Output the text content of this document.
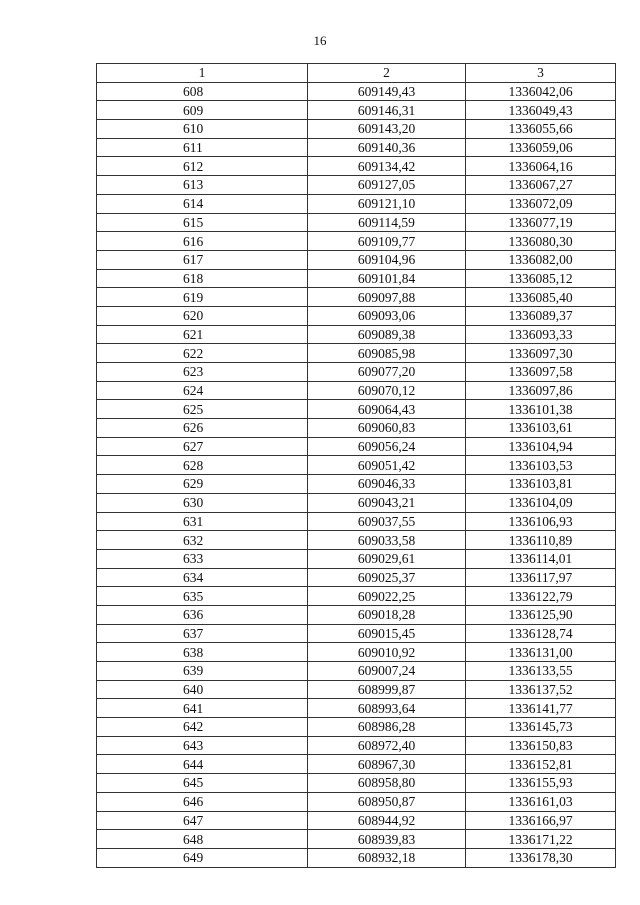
16
1	2	3
608	609149,43	1336042,06
609	609146,31	1336049,43
610	609143,20	1336055,66
611	609140,36	1336059,06
612	609134,42	1336064,16
613	609127,05	1336067,27
614	609121,10	1336072,09
615	609114,59	1336077,19
616	609109,77	1336080,30
617	609104,96	1336082,00
618	609101,84	1336085,12
619	609097,88	1336085,40
620	609093,06	1336089,37
621	609089,38	1336093,33
622	609085,98	1336097,30
623	609077,20	1336097,58
624	609070,12	1336097,86
625	609064,43	1336101,38
626	609060,83	1336103,61
627	609056,24	1336104,94
628	609051,42	1336103,53
629	609046,33	1336103,81
630	609043,21	1336104,09
631	609037,55	1336106,93
632	609033,58	1336110,89
633	609029,61	1336114,01
634	609025,37	1336117,97
635	609022,25	1336122,79
636	609018,28	1336125,90
637	609015,45	1336128,74
638	609010,92	1336131,00
639	609007,24	1336133,55
640	608999,87	1336137,52
641	608993,64	1336141,77
642	608986,28	1336145,73
643	608972,40	1336150,83
644	608967,30	1336152,81
645	608958,80	1336155,93
646	608950,87	1336161,03
647	608944,92	1336166,97
648	608939,83	1336171,22
649	608932,18	1336178,30
